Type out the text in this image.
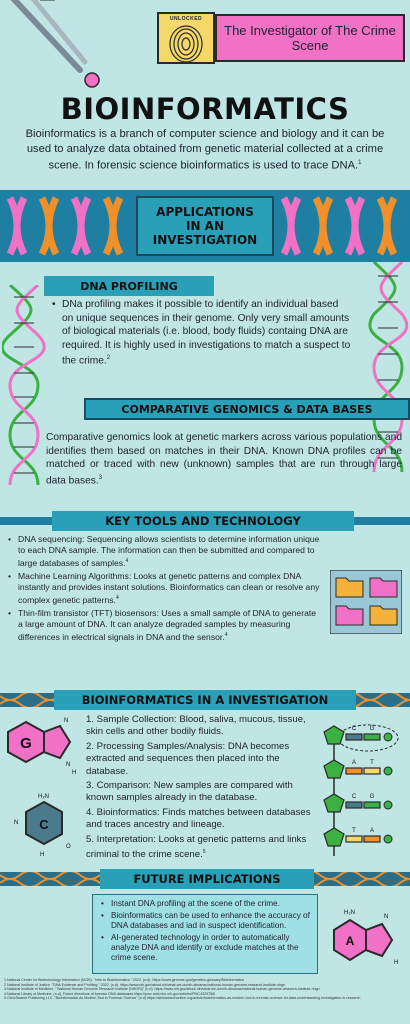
UNLOCKED
The Investigator of The Crime Scene
BIOINFORMATICS
Bioinformatics is a branch of computer science and biology and it can be used to analyze data obtained from genetic material collected at a crime scene. In forensic science bioinformatics is used to trace DNA.$^1$
APPLICATIONS IN AN INVESTIGATION
DNA PROFILING
• DNa profiling makes it possible to identify an individual based on unique sequences in their genome. Only very small amounts of biological materials (i.e. blood, body fluids) containg DNA are required. It is highly used in investigations to match a suspect to the crime.$^2$
COMPARATIVE GENOMICS & DATA BASES
Comparative genomics look at genetic markers across various populations and identifies them based on matches in their DNA. Known DNA profiles can be matched or traced with new (unknown) samples that are run through large data bases.$^3$
KEY TOOLS AND TECHNOLOGY
• DNA sequencing: Sequencing allows scientists to determine information unique to each DNA sample. The information can then be submitted and compared to large databases of samples.$^4$
• Machine Learning Algorithms: Looks at genetic patterns and complex DNA instantly and provides instant solutions. Bioinformatics can clean or resolve any complex genetic patterns.$^4$
• Thin-film transistor (TFT) biosensors: Uses a small sample of DNA to generate a large amount of DNA. It can analyze degraded samples by measuring differences in electrical signals in DNA and the sensor.$^4$
BIOINFORMATICS IN A INVESTIGATION
1. Sample Collection: Blood, saliva, mucous, tissue, skin cells and other bodily fluids.
2. Processing Samples/Analysis: DNA becomes extracted and sequences then placed into the database.
3. Comparison: New samples are compared with known samples already in the database.
4. Bioinformatics: Finds matches between databases and traces ancestry and lineage.
5. Interpretation: Looks at genetic patterns and links criminal to the crime scene.$^5$
G
N
N
H
C
H₂N
N
H
O
C G
A T
C G
T A
FUTURE IMPLICATIONS
• Instant DNA profiling at the scene of the crime.
• Bioinformatics can be used to enhance the accuracy of DNA databases and iad in suspect identification.
• AI-generated technology in order to automatically analyze DNA and identify or exclude matches at the crime scene.
A
H₂N
N
H
1.National Center for Biotechnology Information (NCBI). "Intro to Bioinformatics." 2022. (n.d). https://www.genome.gov/genetics-glossary/Bioinformatics
2.National Institute of Justice. "DNA Evidence and Profiling." 2022. (n.d). https://www.nih.gov/about-nih/what-we-do/nih-almanac/national-human-genome-research-institute-nhgri
3.National Institute of Medicine. " National Human Genome Research Institute (NHGRI)" (n.d). https://www.nih.gov/about-nih/what-we-do/nih-almanac/national-human-genome-research-institute-nhgri
4.National Library of Medicine. (n.d). Future directions of forensic DNA databases https://pmc.ncbi.nlm.nih.gov/articles/PMC4329756/
5.ClinicSearch Publishing LLC. "Bioinformatics As Modern Tool in Forensic Science" (n.d).https://clinicsearchonline.org/article/bioinformatics-as-modern-tool-in-forensic-science-for-data-understanding-investigation-in-research
